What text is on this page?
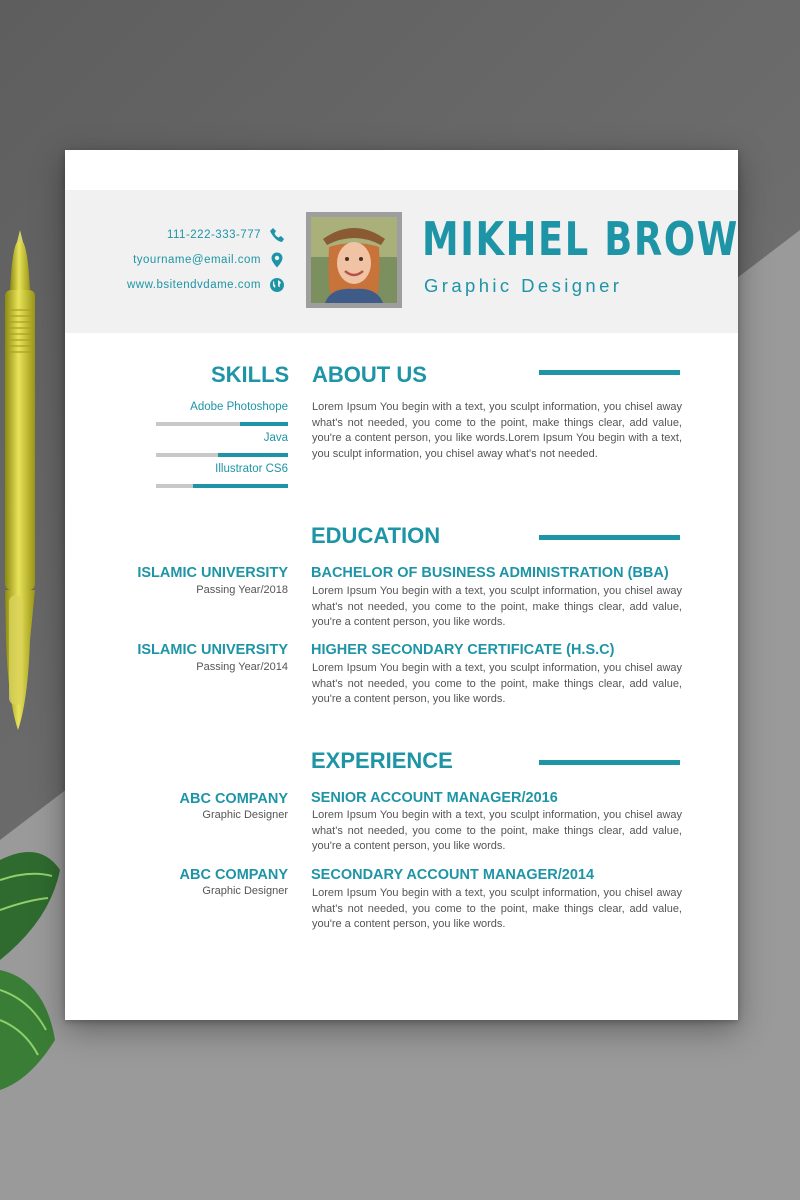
111-222-333-777
tyourname@email.com
www.bsitendvdame.com
MIKHEL BROW
Graphic Designer
SKILLS
Adobe Photoshope
Java
Illustrator CS6
ABOUT US
Lorem Ipsum You begin with a text, you sculpt information, you chisel away what's not needed, you come to the point, make things clear, add value, you're a content person, you like words.Lorem Ipsum You begin with a text, you sculpt information, you chisel away what's not needed.
EDUCATION
ISLAMIC UNIVERSITY
Passing Year/2018
BACHELOR OF BUSINESS ADMINISTRATION (BBA)
Lorem Ipsum You begin with a text, you sculpt information, you chisel away what's not needed, you come to the point, make things clear, add value, you're a content person, you like words.
ISLAMIC UNIVERSITY
Passing Year/2014
HIGHER SECONDARY CERTIFICATE (H.S.C)
Lorem Ipsum You begin with a text, you sculpt information, you chisel away what's not needed, you come to the point, make things clear, add value, you're a content person, you like words.
EXPERIENCE
ABC COMPANY
Graphic Designer
SENIOR ACCOUNT MANAGER/2016
Lorem Ipsum You begin with a text, you sculpt information, you chisel away what's not needed, you come to the point, make things clear, add value, you're a content person, you like words.
ABC COMPANY
Graphic Designer
SECONDARY ACCOUNT MANAGER/2014
Lorem Ipsum You begin with a text, you sculpt information, you chisel away what's not needed, you come to the point, make things clear, add value, you're a content person, you like words.
